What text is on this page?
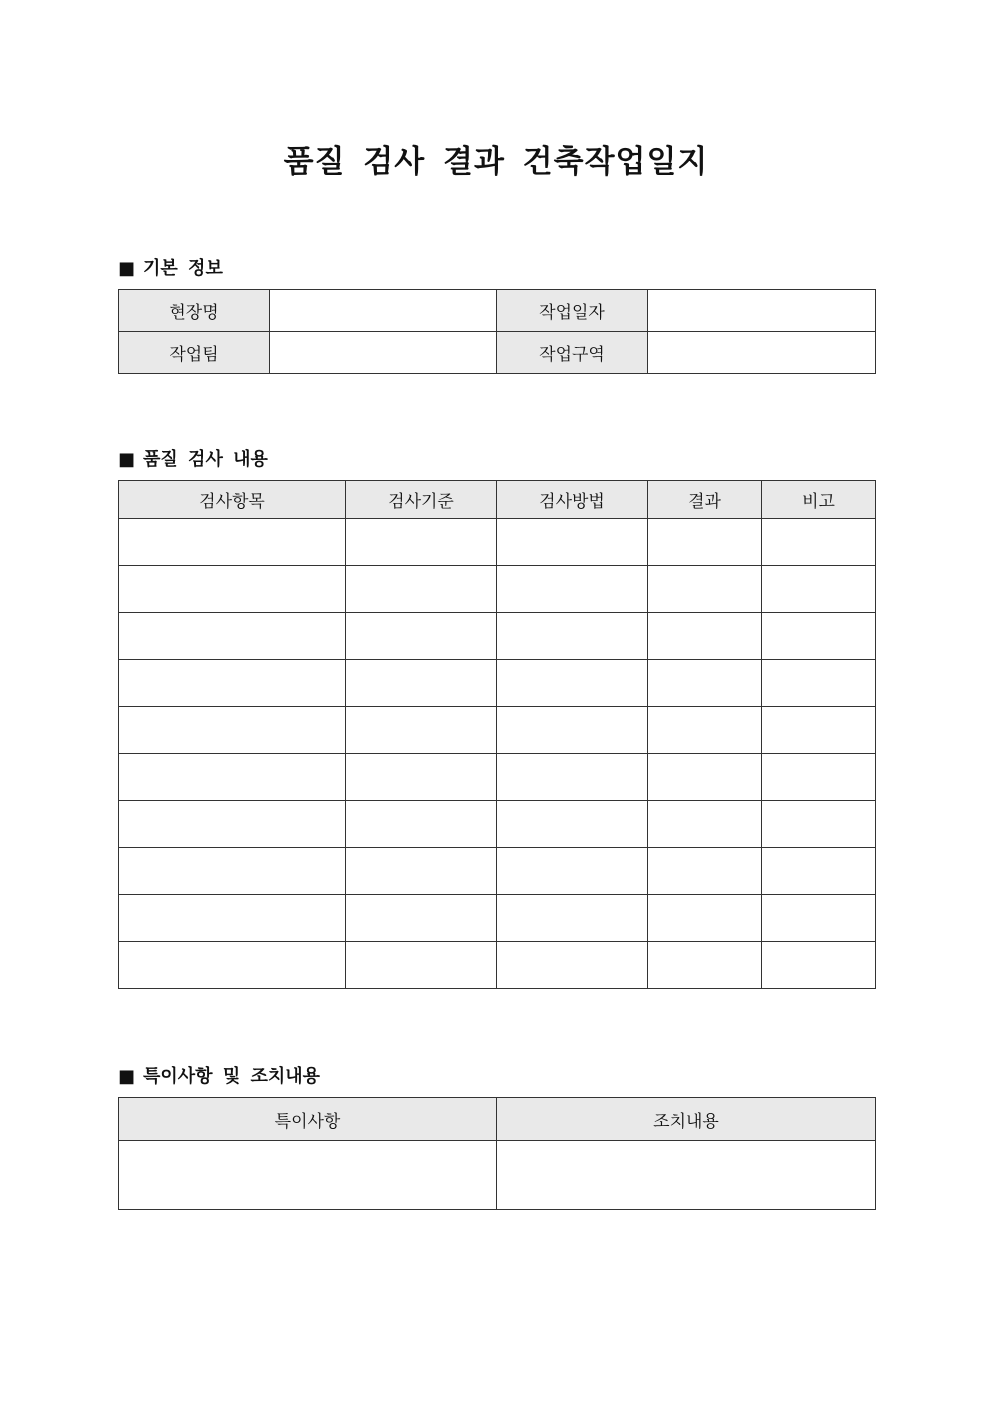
품질 검사 결과 건축작업일지
■ 기본 정보
현장명		작업일자	
작업팀		작업구역	
■ 품질 검사 내용
검사항목	검사기준	검사방법	결과	비고

■ 특이사항 및 조치내용
특이사항	조치내용
